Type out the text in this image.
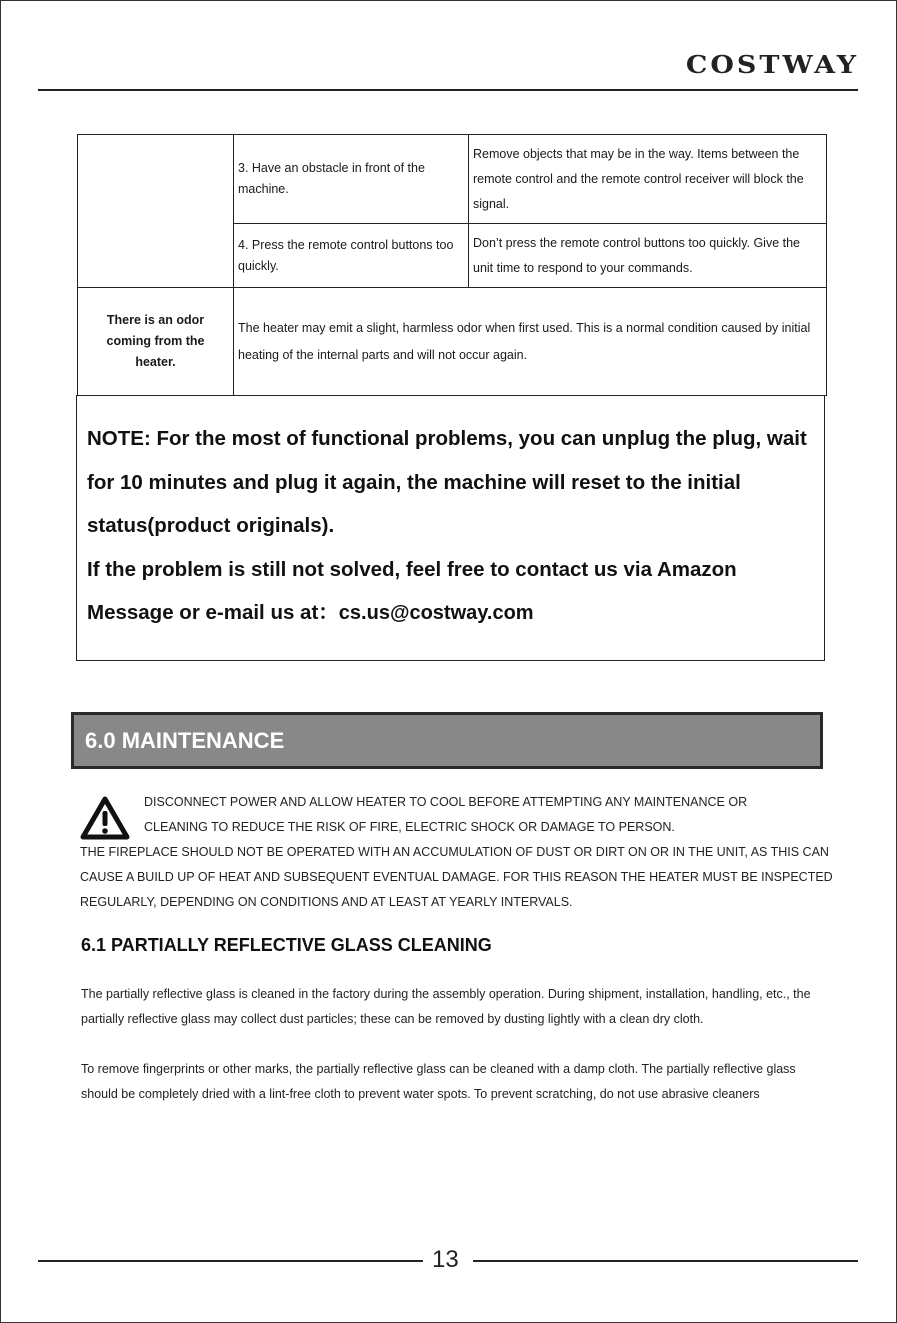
COSTWAY
	3. Have an obstacle in front of the machine.	Remove objects that may be in the way. Items between the remote control and the remote control receiver will block the signal.
	4. Press the remote control buttons too quickly.	Don’t press the remote control buttons too quickly. Give the unit time to respond to your commands.
There is an odor coming from the heater.	The heater may emit a slight, harmless odor when first used. This is a normal condition caused by initial heating of the internal parts and will not occur again.	
NOTE: For the most of functional problems, you can unplug the plug, wait for 10 minutes and plug it again, the machine will reset to the initial status(product originals).
If the problem is still not solved, feel free to contact us via Amazon Message or e-mail us at：cs.us@costway.com
6.0 MAINTENANCE
DISCONNECT POWER AND ALLOW HEATER TO COOL BEFORE ATTEMPTING ANY MAINTENANCE OR CLEANING TO REDUCE THE RISK OF FIRE, ELECTRIC SHOCK OR DAMAGE TO PERSON.
THE FIREPLACE SHOULD NOT BE OPERATED WITH AN ACCUMULATION OF DUST OR DIRT ON OR IN THE UNIT, AS THIS CAN CAUSE A BUILD UP OF HEAT AND SUBSEQUENT EVENTUAL DAMAGE. FOR THIS REASON THE HEATER MUST BE INSPECTED REGULARLY, DEPENDING ON CONDITIONS AND AT LEAST AT YEARLY INTERVALS.
6.1 PARTIALLY REFLECTIVE GLASS CLEANING

The partially reflective glass is cleaned in the factory during the assembly operation. During shipment, installation, handling, etc., the partially reflective glass may collect dust particles; these can be removed by dusting lightly with a clean dry cloth.

To remove fingerprints or other marks, the partially reflective glass can be cleaned with a damp cloth. The partially reflective glass should be completely dried with a lint-free cloth to prevent water spots. To prevent scratching, do not use abrasive cleaners

13
